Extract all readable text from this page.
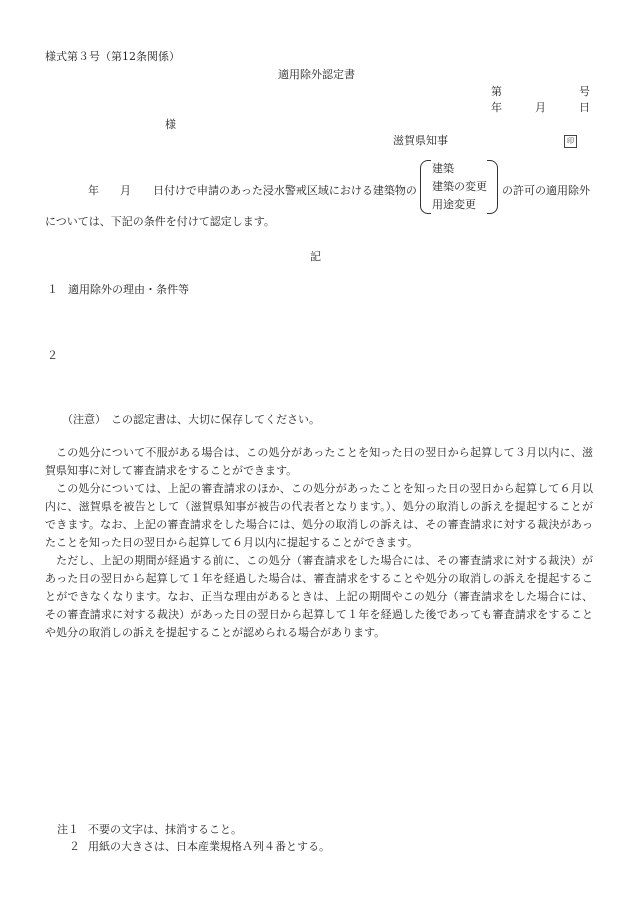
様式第３号（第12条関係）
適用除外認定書
第	号
年	月	日
様
滋賀県知事	印
年 月 日付けで申請のあった浸水警戒区域における建築物の
建築
建築の変更
用途変更
の許可の適用除外
については、下記の条件を付けて認定します。
記
１ 適用除外の理由・条件等
２
（注意） この認定書は、大切に保存してください。

この処分について不服がある場合は、この処分があったことを知った日の翌日から起算して３月以内に、滋賀県知事に対して審査請求をすることができます。

この処分については、上記の審査請求のほか、この処分があったことを知った日の翌日から起算して６月以内に、滋賀県を被告として（滋賀県知事が被告の代表者となります。）、処分の取消しの訴えを提起することができます。なお、上記の審査請求をした場合には、処分の取消しの訴えは、その審査請求に対する裁決があったことを知った日の翌日から起算して６月以内に提起することができます。

ただし、上記の期間が経過する前に、この処分（審査請求をした場合には、その審査請求に対する裁決）があった日の翌日から起算して１年を経過した場合は、審査請求をすることや処分の取消しの訴えを提起することができなくなります。なお、正当な理由があるときは、上記の期間やこの処分（審査請求をした場合には、その審査請求に対する裁決）があった日の翌日から起算して１年を経過した後であっても審査請求をすることや処分の取消しの訴えを提起することが認められる場合があります。

注１ 不要の文字は、抹消すること。
２ 用紙の大きさは、日本産業規格Ａ列４番とする。
